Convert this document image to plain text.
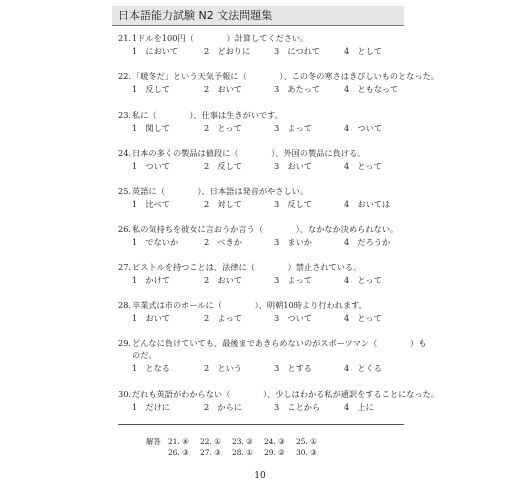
日本語能力試験 N2 文法問題集
21. 1ドルを100円（　　　　）計算してください。
1　において	2　どおりに	3　につれて	4　として
22. 「暖冬だ」という天気予報に（　　　　）、この冬の寒さはきびしいものとなった。
1　反して	2　おいて	3　あたって	4　ともなって
23. 私に（　　　　）、仕事は生きがいです。
1　関して	2　とって	3　よって	4　ついて
24. 日本の多くの製品は値段に（　　　　）、外国の製品に負ける。
1　ついて	2　反して	3　おいて	4　とって
25. 英語に（　　　　）、日本語は発音がやさしい。
1　比べて	2　対して	3　反して	4　おいては
26. 私の気持ちを彼女に言おうか言う（　　　　）、なかなか決められない。
1　でないか	2　べきか	3　まいか	4　だろうか
27. ピストルを持つことは、法律に（　　　　）禁止されている。
1　かけて	2　おいて	3　よって	4　とって
28. 卒業式は市のホールに（　　　　）、明朝10時より行われます。
1　おいて	2　よって	3　ついて	4　とって
29. どんなに負けていても、最後まであきらめないのがスポーツマン（　　　　）も
のだ。
1　となる	2　という	3　とする	4　とくる
30. だれも英語がわからない（　　　　）、少しはわかる私が通訳をすることになった。
1　だけに	2　からに	3　ことから	4　上に
解答 21. ④ 22. ① 23. ② 24. ③ 25. ①
26. ③ 27. ③ 28. ① 29. ② 30. ③
10
